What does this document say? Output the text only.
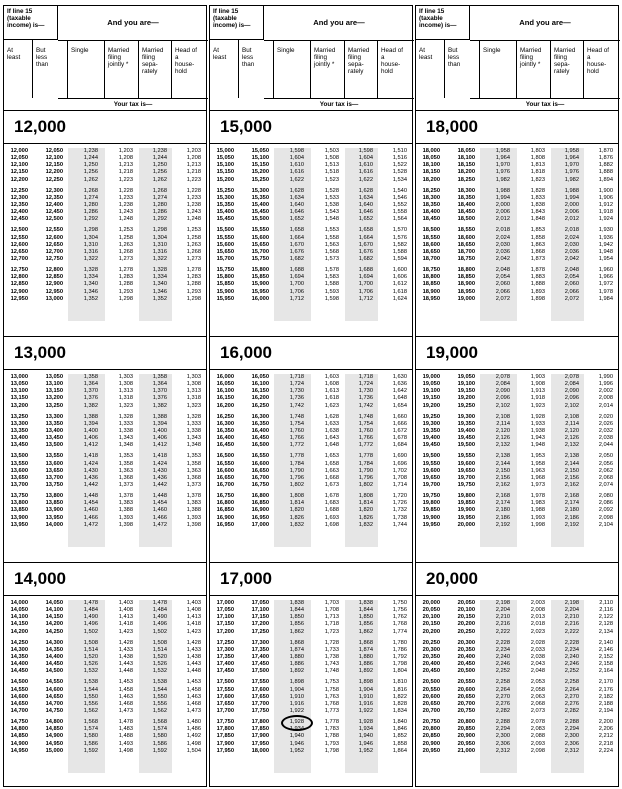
If line 15
(taxable
income) is—	And you are—
At
least
But
less
than
Single	Married
filing
jointly *
Married
filing
sepa-
rately
Head of
a
house-
hold
Your tax is—
12,000
12,000	12,050	1,238	1,203	1,238	1,203
12,050	12,100	1,244	1,208	1,244	1,208
12,100	12,150	1,250	1,213	1,250	1,213
12,150	12,200	1,256	1,218	1,256	1,218
12,200	12,250	1,262	1,223	1,262	1,223
12,250	12,300	1,268	1,228	1,268	1,228
12,300	12,350	1,274	1,233	1,274	1,233
12,350	12,400	1,280	1,238	1,280	1,238
12,400	12,450	1,286	1,243	1,286	1,243
12,450	12,500	1,292	1,248	1,292	1,248
12,500	12,550	1,298	1,253	1,298	1,253
12,550	12,600	1,304	1,258	1,304	1,258
12,600	12,650	1,310	1,263	1,310	1,263
12,650	12,700	1,316	1,268	1,316	1,268
12,700	12,750	1,322	1,273	1,322	1,273
12,750	12,800	1,328	1,278	1,328	1,278
12,800	12,850	1,334	1,283	1,334	1,283
12,850	12,900	1,340	1,288	1,340	1,288
12,900	12,950	1,346	1,293	1,346	1,293
12,950	13,000	1,352	1,298	1,352	1,298
13,000
13,000	13,050	1,358	1,303	1,358	1,303
13,050	13,100	1,364	1,308	1,364	1,308
13,100	13,150	1,370	1,313	1,370	1,313
13,150	13,200	1,376	1,318	1,376	1,318
13,200	13,250	1,382	1,323	1,382	1,323
13,250	13,300	1,388	1,328	1,388	1,328
13,300	13,350	1,394	1,333	1,394	1,333
13,350	13,400	1,400	1,338	1,400	1,338
13,400	13,450	1,406	1,343	1,406	1,343
13,450	13,500	1,412	1,348	1,412	1,348
13,500	13,550	1,418	1,353	1,418	1,353
13,550	13,600	1,424	1,358	1,424	1,358
13,600	13,650	1,430	1,363	1,430	1,363
13,650	13,700	1,436	1,368	1,436	1,368
13,700	13,750	1,442	1,373	1,442	1,373
13,750	13,800	1,448	1,378	1,448	1,378
13,800	13,850	1,454	1,383	1,454	1,383
13,850	13,900	1,460	1,388	1,460	1,388
13,900	13,950	1,466	1,393	1,466	1,393
13,950	14,000	1,472	1,398	1,472	1,398
14,000
14,000	14,050	1,478	1,403	1,478	1,403
14,050	14,100	1,484	1,408	1,484	1,408
14,100	14,150	1,490	1,413	1,490	1,413
14,150	14,200	1,496	1,418	1,496	1,418
14,200	14,250	1,502	1,423	1,502	1,423
14,250	14,300	1,508	1,428	1,508	1,428
14,300	14,350	1,514	1,433	1,514	1,433
14,350	14,400	1,520	1,438	1,520	1,438
14,400	14,450	1,526	1,443	1,526	1,443
14,450	14,500	1,532	1,448	1,532	1,448
14,500	14,550	1,538	1,453	1,538	1,453
14,550	14,600	1,544	1,458	1,544	1,458
14,600	14,650	1,550	1,463	1,550	1,463
14,650	14,700	1,556	1,468	1,556	1,468
14,700	14,750	1,562	1,473	1,562	1,473
14,750	14,800	1,568	1,478	1,568	1,480
14,800	14,850	1,574	1,483	1,574	1,486
14,850	14,900	1,580	1,488	1,580	1,492
14,900	14,950	1,586	1,493	1,586	1,498
14,950	15,000	1,592	1,498	1,592	1,504
If line 15
(taxable
income) is—	And you are—
At
least
But
less
than
Single	Married
filing
jointly *
Married
filing
sepa-
rately
Head of
a
house-
hold
Your tax is—
15,000
15,000	15,050	1,598	1,503	1,598	1,510
15,050	15,100	1,604	1,508	1,604	1,516
15,100	15,150	1,610	1,513	1,610	1,522
15,150	15,200	1,616	1,518	1,616	1,528
15,200	15,250	1,622	1,523	1,622	1,534
15,250	15,300	1,628	1,528	1,628	1,540
15,300	15,350	1,634	1,533	1,634	1,546
15,350	15,400	1,640	1,538	1,640	1,552
15,400	15,450	1,646	1,543	1,646	1,558
15,450	15,500	1,652	1,548	1,652	1,564
15,500	15,550	1,658	1,553	1,658	1,570
15,550	15,600	1,664	1,558	1,664	1,576
15,600	15,650	1,670	1,563	1,670	1,582
15,650	15,700	1,676	1,568	1,676	1,588
15,700	15,750	1,682	1,573	1,682	1,594
15,750	15,800	1,688	1,578	1,688	1,600
15,800	15,850	1,694	1,583	1,694	1,606
15,850	15,900	1,700	1,588	1,700	1,612
15,900	15,950	1,706	1,593	1,706	1,618
15,950	16,000	1,712	1,598	1,712	1,624
16,000
16,000	16,050	1,718	1,603	1,718	1,630
16,050	16,100	1,724	1,608	1,724	1,636
16,100	16,150	1,730	1,613	1,730	1,642
16,150	16,200	1,736	1,618	1,736	1,648
16,200	16,250	1,742	1,623	1,742	1,654
16,250	16,300	1,748	1,628	1,748	1,660
16,300	16,350	1,754	1,633	1,754	1,666
16,350	16,400	1,760	1,638	1,760	1,672
16,400	16,450	1,766	1,643	1,766	1,678
16,450	16,500	1,772	1,648	1,772	1,684
16,500	16,550	1,778	1,653	1,778	1,690
16,550	16,600	1,784	1,658	1,784	1,696
16,600	16,650	1,790	1,663	1,790	1,702
16,650	16,700	1,796	1,668	1,796	1,708
16,700	16,750	1,802	1,673	1,802	1,714
16,750	16,800	1,808	1,678	1,808	1,720
16,800	16,850	1,814	1,683	1,814	1,726
16,850	16,900	1,820	1,688	1,820	1,732
16,900	16,950	1,826	1,693	1,826	1,738
16,950	17,000	1,832	1,698	1,832	1,744
17,000
17,000	17,050	1,838	1,703	1,838	1,750
17,050	17,100	1,844	1,708	1,844	1,756
17,100	17,150	1,850	1,713	1,850	1,762
17,150	17,200	1,856	1,718	1,856	1,768
17,200	17,250	1,862	1,723	1,862	1,774
17,250	17,300	1,868	1,728	1,868	1,780
17,300	17,350	1,874	1,733	1,874	1,786
17,350	17,400	1,880	1,738	1,880	1,792
17,400	17,450	1,886	1,743	1,886	1,798
17,450	17,500	1,892	1,748	1,892	1,804
17,500	17,550	1,898	1,753	1,898	1,810
17,550	17,600	1,904	1,758	1,904	1,816
17,600	17,650	1,910	1,763	1,910	1,822
17,650	17,700	1,916	1,768	1,916	1,828
17,700	17,750	1,922	1,773	1,922	1,834
17,750	17,800	1,928	1,778	1,928	1,840
17,800	17,850	1,934	1,783	1,934	1,846
17,850	17,900	1,940	1,788	1,940	1,852
17,900	17,950	1,946	1,793	1,946	1,858
17,950	18,000	1,952	1,798	1,952	1,864
If line 15
(taxable
income) is—	And you are—
At
least
But
less
than
Single	Married
filing
jointly *
Married
filing
sepa-
rately
Head of
a
house-
hold
Your tax is—
18,000
18,000	18,050	1,958	1,803	1,958	1,870
18,050	18,100	1,964	1,808	1,964	1,876
18,100	18,150	1,970	1,813	1,970	1,882
18,150	18,200	1,976	1,818	1,976	1,888
18,200	18,250	1,982	1,823	1,982	1,894
18,250	18,300	1,988	1,828	1,988	1,900
18,300	18,350	1,994	1,833	1,994	1,906
18,350	18,400	2,000	1,838	2,000	1,912
18,400	18,450	2,006	1,843	2,006	1,918
18,450	18,500	2,012	1,848	2,012	1,924
18,500	18,550	2,018	1,853	2,018	1,930
18,550	18,600	2,024	1,858	2,024	1,936
18,600	18,650	2,030	1,863	2,030	1,942
18,650	18,700	2,036	1,868	2,036	1,948
18,700	18,750	2,042	1,873	2,042	1,954
18,750	18,800	2,048	1,878	2,048	1,960
18,800	18,850	2,054	1,883	2,054	1,966
18,850	18,900	2,060	1,888	2,060	1,972
18,900	18,950	2,066	1,893	2,066	1,978
18,950	19,000	2,072	1,898	2,072	1,984
19,000
19,000	19,050	2,078	1,903	2,078	1,990
19,050	19,100	2,084	1,908	2,084	1,996
19,100	19,150	2,090	1,913	2,090	2,002
19,150	19,200	2,096	1,918	2,096	2,008
19,200	19,250	2,102	1,923	2,102	2,014
19,250	19,300	2,108	1,928	2,108	2,020
19,300	19,350	2,114	1,933	2,114	2,026
19,350	19,400	2,120	1,938	2,120	2,032
19,400	19,450	2,126	1,943	2,126	2,038
19,450	19,500	2,132	1,948	2,132	2,044
19,500	19,550	2,138	1,953	2,138	2,050
19,550	19,600	2,144	1,958	2,144	2,056
19,600	19,650	2,150	1,963	2,150	2,062
19,650	19,700	2,156	1,968	2,156	2,068
19,700	19,750	2,162	1,973	2,162	2,074
19,750	19,800	2,168	1,978	2,168	2,080
19,800	19,850	2,174	1,983	2,174	2,086
19,850	19,900	2,180	1,988	2,180	2,092
19,900	19,950	2,186	1,993	2,186	2,098
19,950	20,000	2,192	1,998	2,192	2,104
20,000
20,000	20,050	2,198	2,003	2,198	2,110
20,050	20,100	2,204	2,008	2,204	2,116
20,100	20,150	2,210	2,013	2,210	2,122
20,150	20,200	2,216	2,018	2,216	2,128
20,200	20,250	2,222	2,023	2,222	2,134
20,250	20,300	2,228	2,028	2,228	2,140
20,300	20,350	2,234	2,033	2,234	2,146
20,350	20,400	2,240	2,038	2,240	2,152
20,400	20,450	2,246	2,043	2,246	2,158
20,450	20,500	2,252	2,048	2,252	2,164
20,500	20,550	2,258	2,053	2,258	2,170
20,550	20,600	2,264	2,058	2,264	2,176
20,600	20,650	2,270	2,063	2,270	2,182
20,650	20,700	2,276	2,068	2,276	2,188
20,700	20,750	2,282	2,073	2,282	2,194
20,750	20,800	2,288	2,078	2,288	2,200
20,800	20,850	2,294	2,083	2,294	2,206
20,850	20,900	2,300	2,088	2,300	2,212
20,900	20,950	2,306	2,093	2,306	2,218
20,950	21,000	2,312	2,098	2,312	2,224
